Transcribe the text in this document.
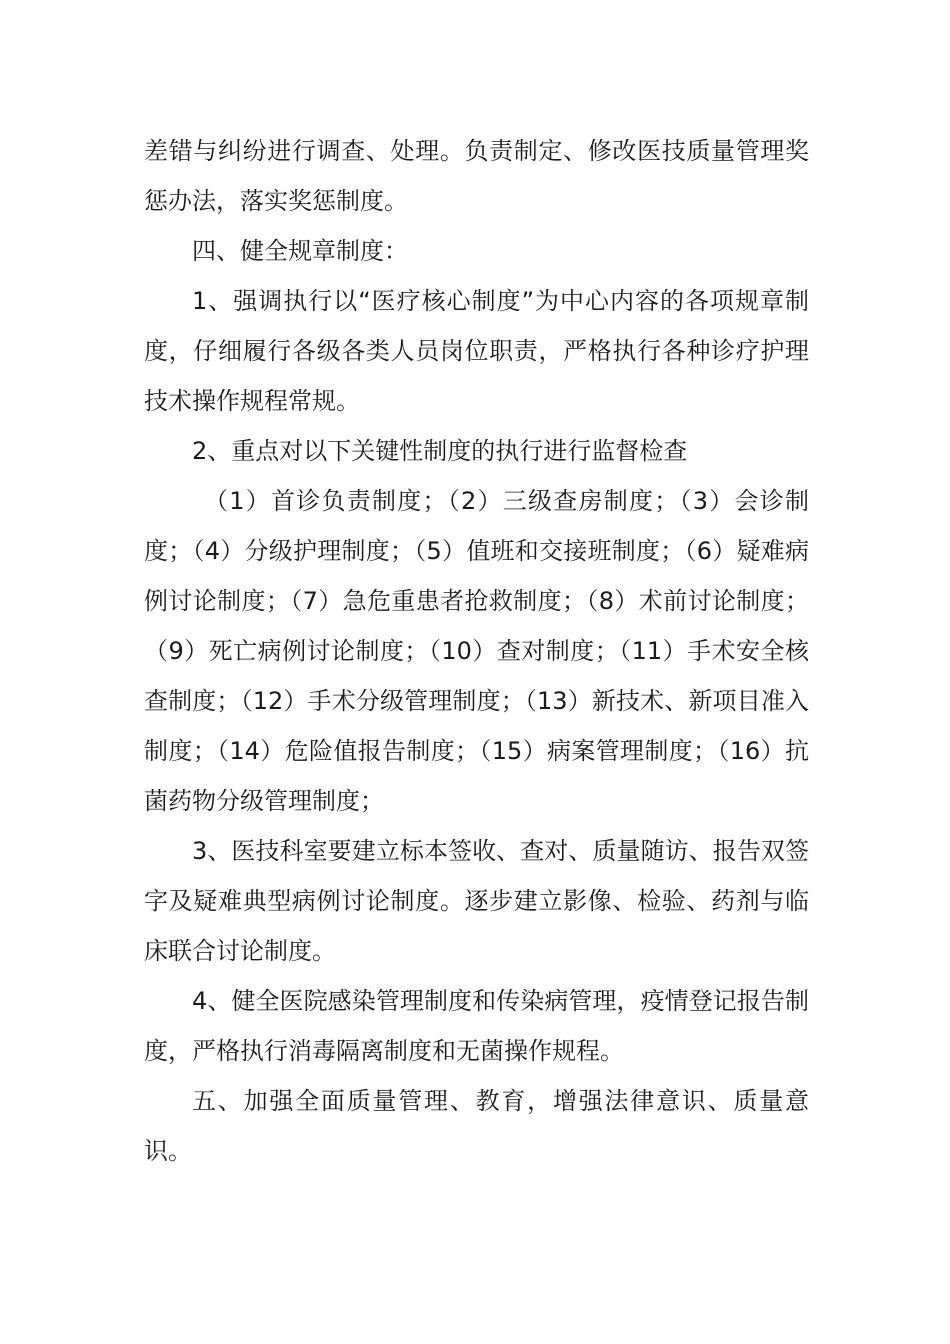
差错与纠纷进行调查、处理。负责制定、修改医技质量管理奖惩办法，落实奖惩制度。

四、健全规章制度：

1、强调执行以“医疗核心制度”为中心内容的各项规章制度，仔细履行各级各类人员岗位职责，严格执行各种诊疗护理技术操作规程常规。

2、重点对以下关键性制度的执行进行监督检查

（1）首诊负责制度；（2）三级查房制度；（3）会诊制度；（4）分级护理制度；（5）值班和交接班制度；（6）疑难病例讨论制度；（7）急危重患者抢救制度；（8）术前讨论制度；（9）死亡病例讨论制度；（10）查对制度；（11）手术安全核查制度；（12）手术分级管理制度；（13）新技术、新项目准入制度；（14）危险值报告制度；（15）病案管理制度；（16）抗菌药物分级管理制度；

3、医技科室要建立标本签收、查对、质量随访、报告双签字及疑难典型病例讨论制度。逐步建立影像、检验、药剂与临床联合讨论制度。

4、健全医院感染管理制度和传染病管理，疫情登记报告制度，严格执行消毒隔离制度和无菌操作规程。

五、加强全面质量管理、教育，增强法律意识、质量意识。
